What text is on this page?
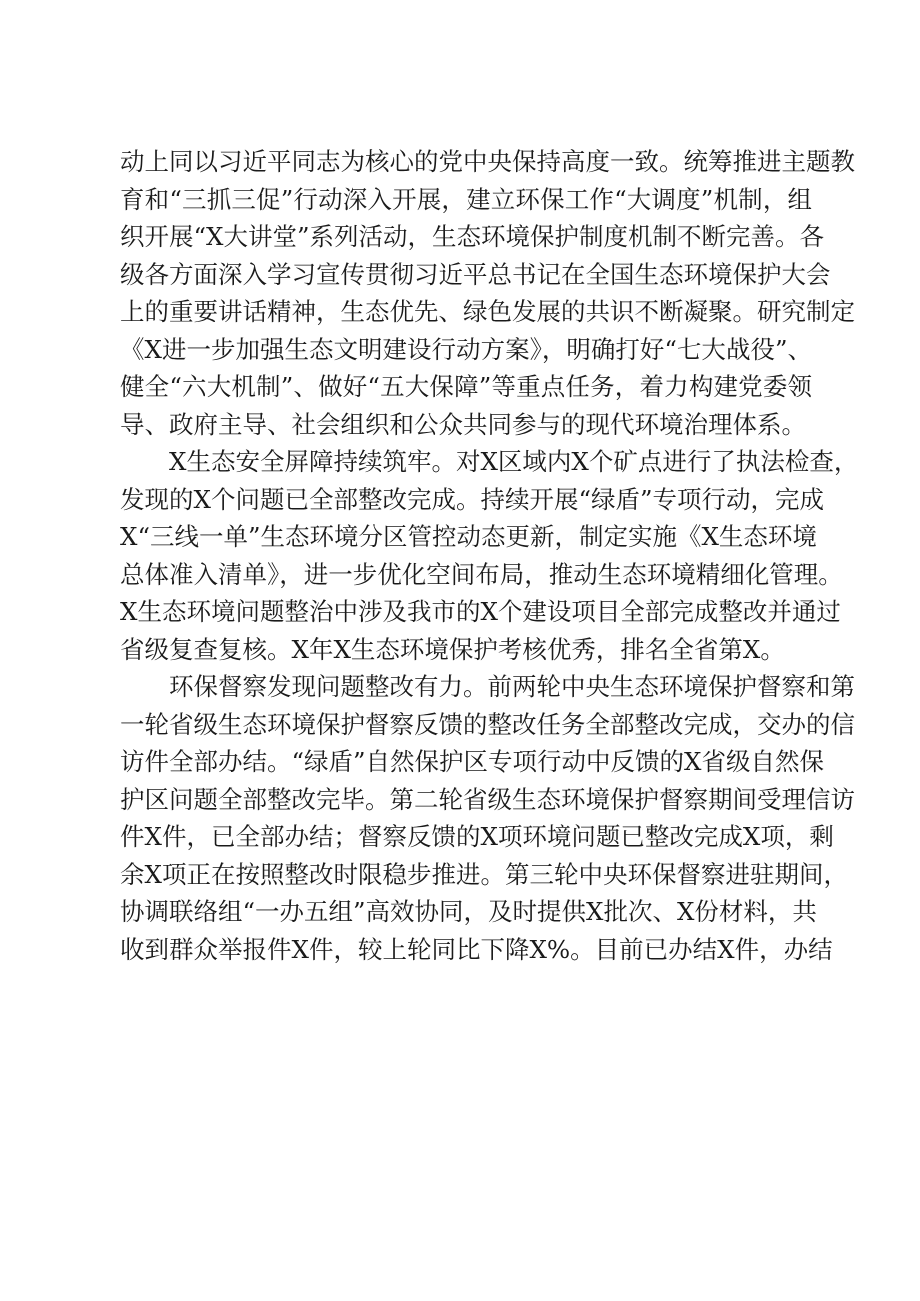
动上同以习近平同志为核心的党中央保持高度一致。统筹推进主题教
育和“三抓三促”行动深入开展，建立环保工作“大调度”机制，组
织开展“X大讲堂”系列活动，生态环境保护制度机制不断完善。各
级各方面深入学习宣传贯彻习近平总书记在全国生态环境保护大会
上的重要讲话精神，生态优先、绿色发展的共识不断凝聚。研究制定
《X进一步加强生态文明建设行动方案》，明确打好“七大战役”、
健全“六大机制”、做好“五大保障”等重点任务，着力构建党委领
导、政府主导、社会组织和公众共同参与的现代环境治理体系。
X生态安全屏障持续筑牢。对X区域内X个矿点进行了执法检查，
发现的X个问题已全部整改完成。持续开展“绿盾”专项行动，完成
X“三线一单”生态环境分区管控动态更新，制定实施《X生态环境
总体准入清单》，进一步优化空间布局，推动生态环境精细化管理。
X生态环境问题整治中涉及我市的X个建设项目全部完成整改并通过
省级复查复核。X年X生态环境保护考核优秀，排名全省第X。
环保督察发现问题整改有力。前两轮中央生态环境保护督察和第
一轮省级生态环境保护督察反馈的整改任务全部整改完成，交办的信
访件全部办结。“绿盾”自然保护区专项行动中反馈的X省级自然保
护区问题全部整改完毕。第二轮省级生态环境保护督察期间受理信访
件X件，已全部办结；督察反馈的X项环境问题已整改完成X项，剩
余X项正在按照整改时限稳步推进。第三轮中央环保督察进驻期间，
协调联络组“一办五组”高效协同，及时提供X批次、X份材料，共
收到群众举报件X件，较上轮同比下降X%。目前已办结X件，办结
